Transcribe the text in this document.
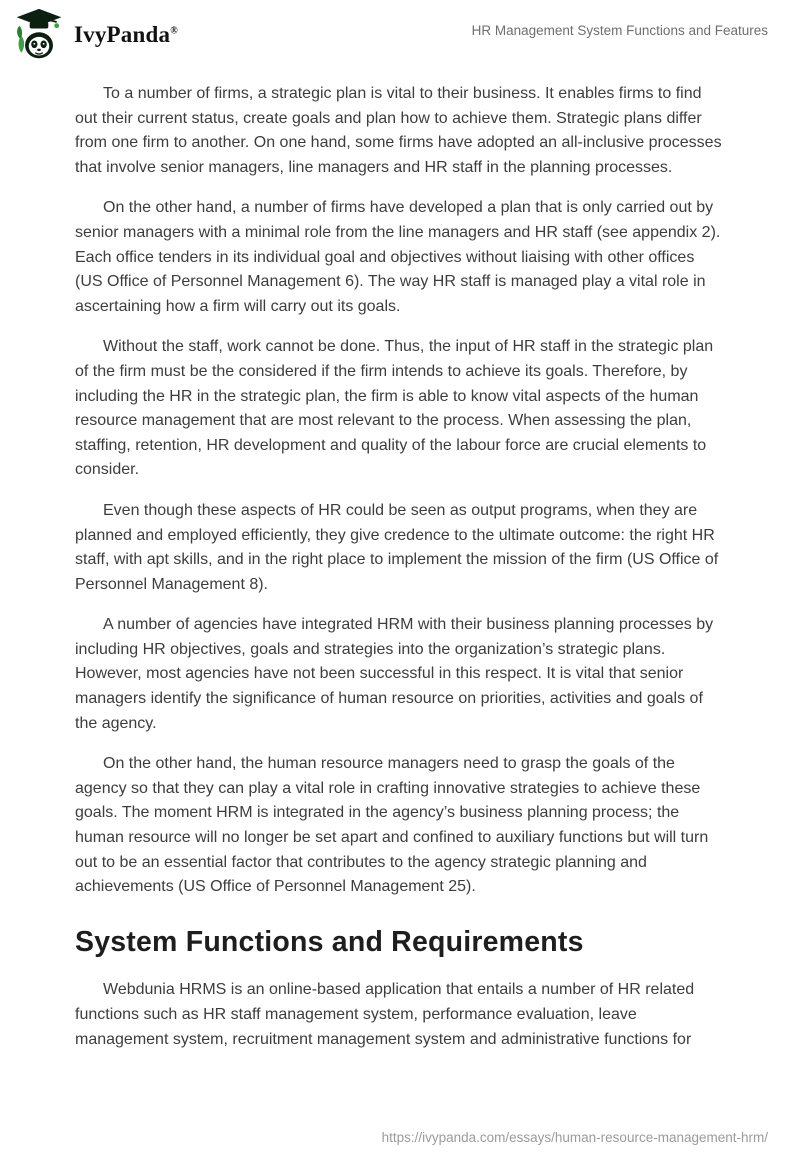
IvyPanda®	HR Management System Functions and Features

To a number of firms, a strategic plan is vital to their business. It enables firms to find out their current status, create goals and plan how to achieve them. Strategic plans differ from one firm to another. On one hand, some firms have adopted an all-inclusive processes that involve senior managers, line managers and HR staff in the planning processes.

On the other hand, a number of firms have developed a plan that is only carried out by senior managers with a minimal role from the line managers and HR staff (see appendix 2). Each office tenders in its individual goal and objectives without liaising with other offices (US Office of Personnel Management 6). The way HR staff is managed play a vital role in ascertaining how a firm will carry out its goals.

Without the staff, work cannot be done. Thus, the input of HR staff in the strategic plan of the firm must be the considered if the firm intends to achieve its goals. Therefore, by including the HR in the strategic plan, the firm is able to know vital aspects of the human resource management that are most relevant to the process. When assessing the plan, staffing, retention, HR development and quality of the labour force are crucial elements to consider.

Even though these aspects of HR could be seen as output programs, when they are planned and employed efficiently, they give credence to the ultimate outcome: the right HR staff, with apt skills, and in the right place to implement the mission of the firm (US Office of Personnel Management 8).

A number of agencies have integrated HRM with their business planning processes by including HR objectives, goals and strategies into the organization’s strategic plans. However, most agencies have not been successful in this respect. It is vital that senior managers identify the significance of human resource on priorities, activities and goals of the agency.

On the other hand, the human resource managers need to grasp the goals of the agency so that they can play a vital role in crafting innovative strategies to achieve these goals. The moment HRM is integrated in the agency’s business planning process; the human resource will no longer be set apart and confined to auxiliary functions but will turn out to be an essential factor that contributes to the agency strategic planning and achievements (US Office of Personnel Management 25).

System Functions and Requirements

Webdunia HRMS is an online-based application that entails a number of HR related functions such as HR staff management system, performance evaluation, leave management system, recruitment management system and administrative functions for

https://ivypanda.com/essays/human-resource-management-hrm/
